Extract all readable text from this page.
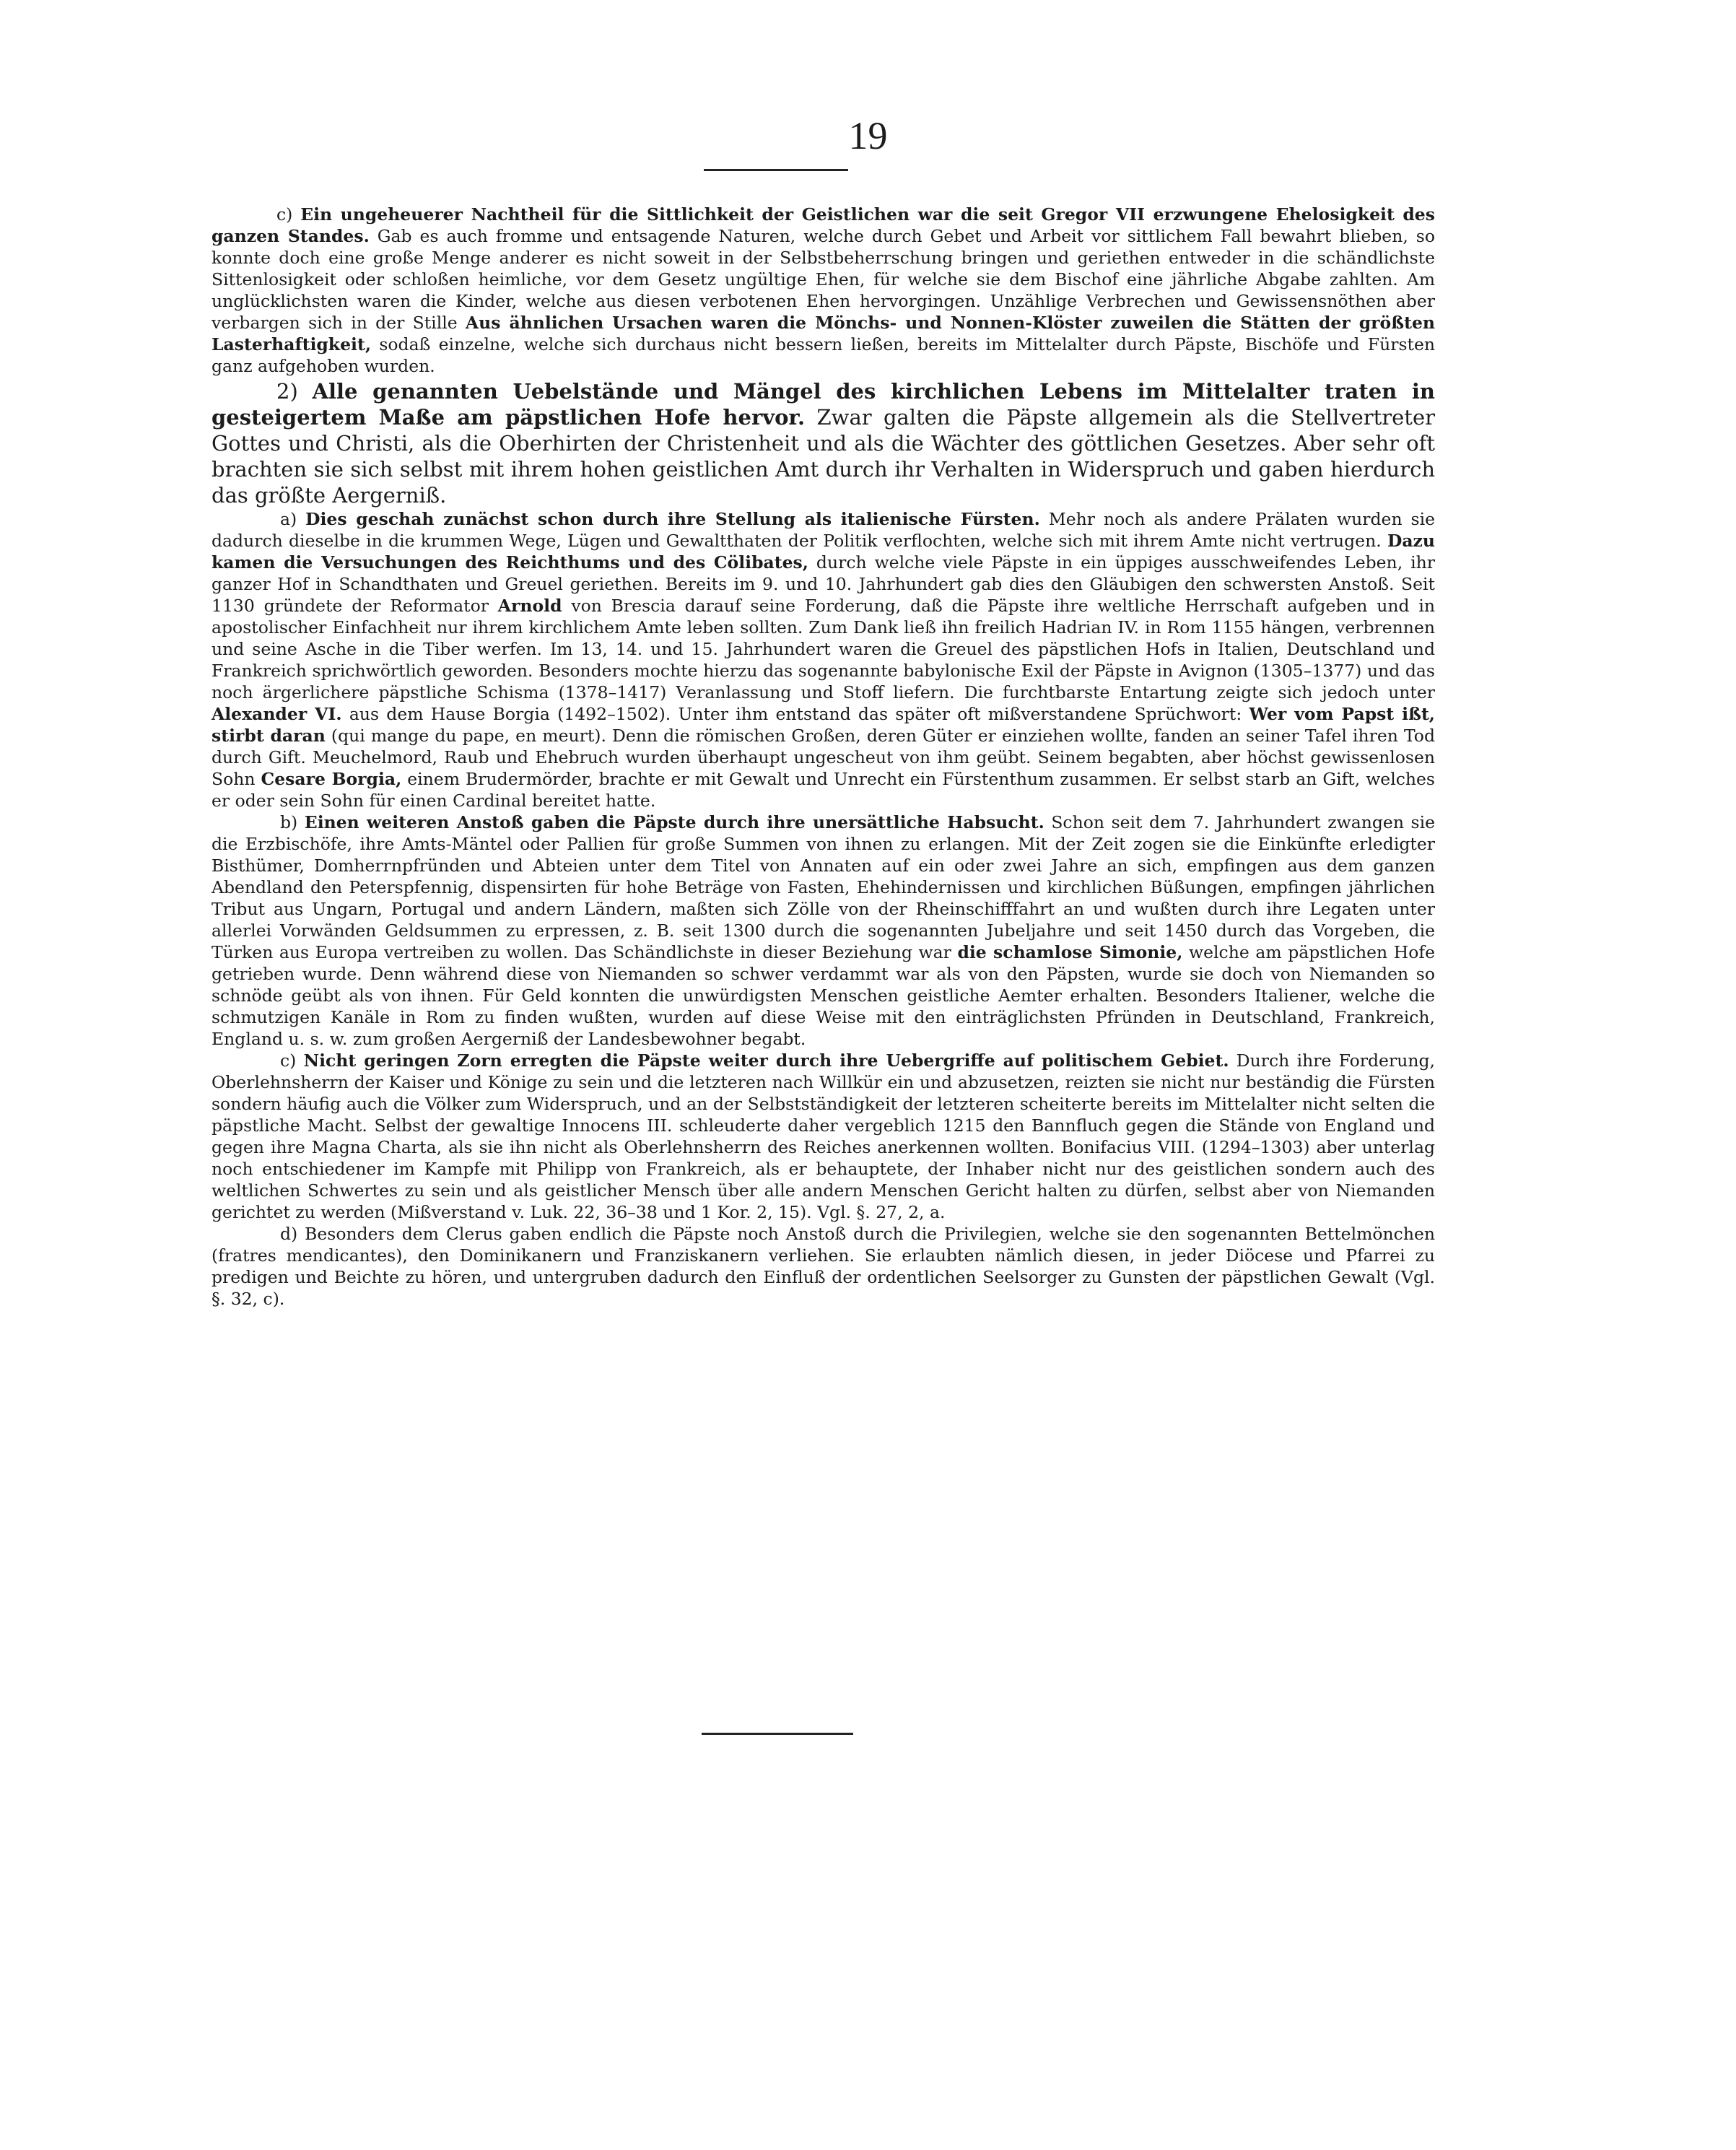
19

c) Ein ungeheuerer Nachtheil für die Sittlichkeit der Geistlichen war die seit Gregor VII erzwungene Ehelosigkeit des ganzen Standes. Gab es auch fromme und entsagende Naturen, welche durch Gebet und Arbeit vor sittlichem Fall bewahrt blieben, so konnte doch eine große Menge anderer es nicht soweit in der Selbstbeherrschung bringen und geriethen entweder in die schändlichste Sittenlosigkeit oder schloßen heimliche, vor dem Gesetz ungültige Ehen, für welche sie dem Bischof eine jährliche Abgabe zahlten. Am unglücklichsten waren die Kinder, welche aus diesen verbotenen Ehen hervorgingen. Unzählige Verbrechen und Gewissensnöthen aber verbargen sich in der Stille Aus ähnlichen Ursachen waren die Mönchs- und Nonnen-Klöster zuweilen die Stätten der größten Lasterhaftigkeit, sodaß einzelne, welche sich durchaus nicht bessern ließen, bereits im Mittelalter durch Päpste, Bischöfe und Fürsten ganz aufgehoben wurden.

2) Alle genannten Uebelstände und Mängel des kirchlichen Lebens im Mittelalter traten in gesteigertem Maße am päpstlichen Hofe hervor. Zwar galten die Päpste allgemein als die Stellvertreter Gottes und Christi, als die Oberhirten der Christenheit und als die Wächter des göttlichen Gesetzes. Aber sehr oft brachten sie sich selbst mit ihrem hohen geistlichen Amt durch ihr Verhalten in Widerspruch und gaben hierdurch das größte Aergerniß.

a) Dies geschah zunächst schon durch ihre Stellung als italienische Fürsten. Mehr noch als andere Prälaten wurden sie dadurch dieselbe in die krummen Wege, Lügen und Gewaltthaten der Politik verflochten, welche sich mit ihrem Amte nicht vertrugen. Dazu kamen die Versuchungen des Reichthums und des Cölibates, durch welche viele Päpste in ein üppiges ausschweifendes Leben, ihr ganzer Hof in Schandthaten und Greuel geriethen. Bereits im 9. und 10. Jahrhundert gab dies den Gläubigen den schwersten Anstoß. Seit 1130 gründete der Reformator Arnold von Brescia darauf seine Forderung, daß die Päpste ihre weltliche Herrschaft aufgeben und in apostolischer Einfachheit nur ihrem kirchlichem Amte leben sollten. Zum Dank ließ ihn freilich Hadrian IV. in Rom 1155 hängen, verbrennen und seine Asche in die Tiber werfen. Im 13, 14. und 15. Jahrhundert waren die Greuel des päpstlichen Hofs in Italien, Deutschland und Frankreich sprichwörtlich geworden. Besonders mochte hierzu das sogenannte babylonische Exil der Päpste in Avignon (1305–1377) und das noch ärgerlichere päpstliche Schisma (1378–1417) Veranlassung und Stoff liefern. Die furchtbarste Entartung zeigte sich jedoch unter Alexander VI. aus dem Hause Borgia (1492–1502). Unter ihm entstand das später oft mißverstandene Sprüchwort: Wer vom Papst ißt, stirbt daran (qui mange du pape, en meurt). Denn die römischen Großen, deren Güter er einziehen wollte, fanden an seiner Tafel ihren Tod durch Gift. Meuchelmord, Raub und Ehebruch wurden überhaupt ungescheut von ihm geübt. Seinem begabten, aber höchst gewissenlosen Sohn Cesare Borgia, einem Brudermörder, brachte er mit Gewalt und Unrecht ein Fürstenthum zusammen. Er selbst starb an Gift, welches er oder sein Sohn für einen Cardinal bereitet hatte.

b) Einen weiteren Anstoß gaben die Päpste durch ihre unersättliche Habsucht. Schon seit dem 7. Jahrhundert zwangen sie die Erzbischöfe, ihre Amts-Mäntel oder Pallien für große Summen von ihnen zu erlangen. Mit der Zeit zogen sie die Einkünfte erledigter Bisthümer, Domherrnpfründen und Abteien unter dem Titel von Annaten auf ein oder zwei Jahre an sich, empfingen aus dem ganzen Abendland den Peterspfennig, dispensirten für hohe Beträge von Fasten, Ehehindernissen und kirchlichen Büßungen, empfingen jährlichen Tribut aus Ungarn, Portugal und andern Ländern, maßten sich Zölle von der Rheinschifffahrt an und wußten durch ihre Legaten unter allerlei Vorwänden Geldsummen zu erpressen, z. B. seit 1300 durch die sogenannten Jubeljahre und seit 1450 durch das Vorgeben, die Türken aus Europa vertreiben zu wollen. Das Schändlichste in dieser Beziehung war die schamlose Simonie, welche am päpstlichen Hofe getrieben wurde. Denn während diese von Niemanden so schwer verdammt war als von den Päpsten, wurde sie doch von Niemanden so schnöde geübt als von ihnen. Für Geld konnten die unwürdigsten Menschen geistliche Aemter erhalten. Besonders Italiener, welche die schmutzigen Kanäle in Rom zu finden wußten, wurden auf diese Weise mit den einträglichsten Pfründen in Deutschland, Frankreich, England u. s. w. zum großen Aergerniß der Landesbewohner begabt.

c) Nicht geringen Zorn erregten die Päpste weiter durch ihre Uebergriffe auf politischem Gebiet. Durch ihre Forderung, Oberlehnsherrn der Kaiser und Könige zu sein und die letzteren nach Willkür ein und abzusetzen, reizten sie nicht nur beständig die Fürsten sondern häufig auch die Völker zum Widerspruch, und an der Selbstständigkeit der letzteren scheiterte bereits im Mittelalter nicht selten die päpstliche Macht. Selbst der gewaltige Innocens III. schleuderte daher vergeblich 1215 den Bannfluch gegen die Stände von England und gegen ihre Magna Charta, als sie ihn nicht als Oberlehnsherrn des Reiches anerkennen wollten. Bonifacius VIII. (1294–1303) aber unterlag noch entschiedener im Kampfe mit Philipp von Frankreich, als er behauptete, der Inhaber nicht nur des geistlichen sondern auch des weltlichen Schwertes zu sein und als geistlicher Mensch über alle andern Menschen Gericht halten zu dürfen, selbst aber von Niemanden gerichtet zu werden (Mißverstand v. Luk. 22, 36–38 und 1 Kor. 2, 15). Vgl. §. 27, 2, a.

d) Besonders dem Clerus gaben endlich die Päpste noch Anstoß durch die Privilegien, welche sie den sogenannten Bettelmönchen (fratres mendicantes), den Dominikanern und Franziskanern verliehen. Sie erlaubten nämlich diesen, in jeder Diöcese und Pfarrei zu predigen und Beichte zu hören, und untergruben dadurch den Einfluß der ordentlichen Seelsorger zu Gunsten der päpstlichen Gewalt (Vgl. §. 32, c).
